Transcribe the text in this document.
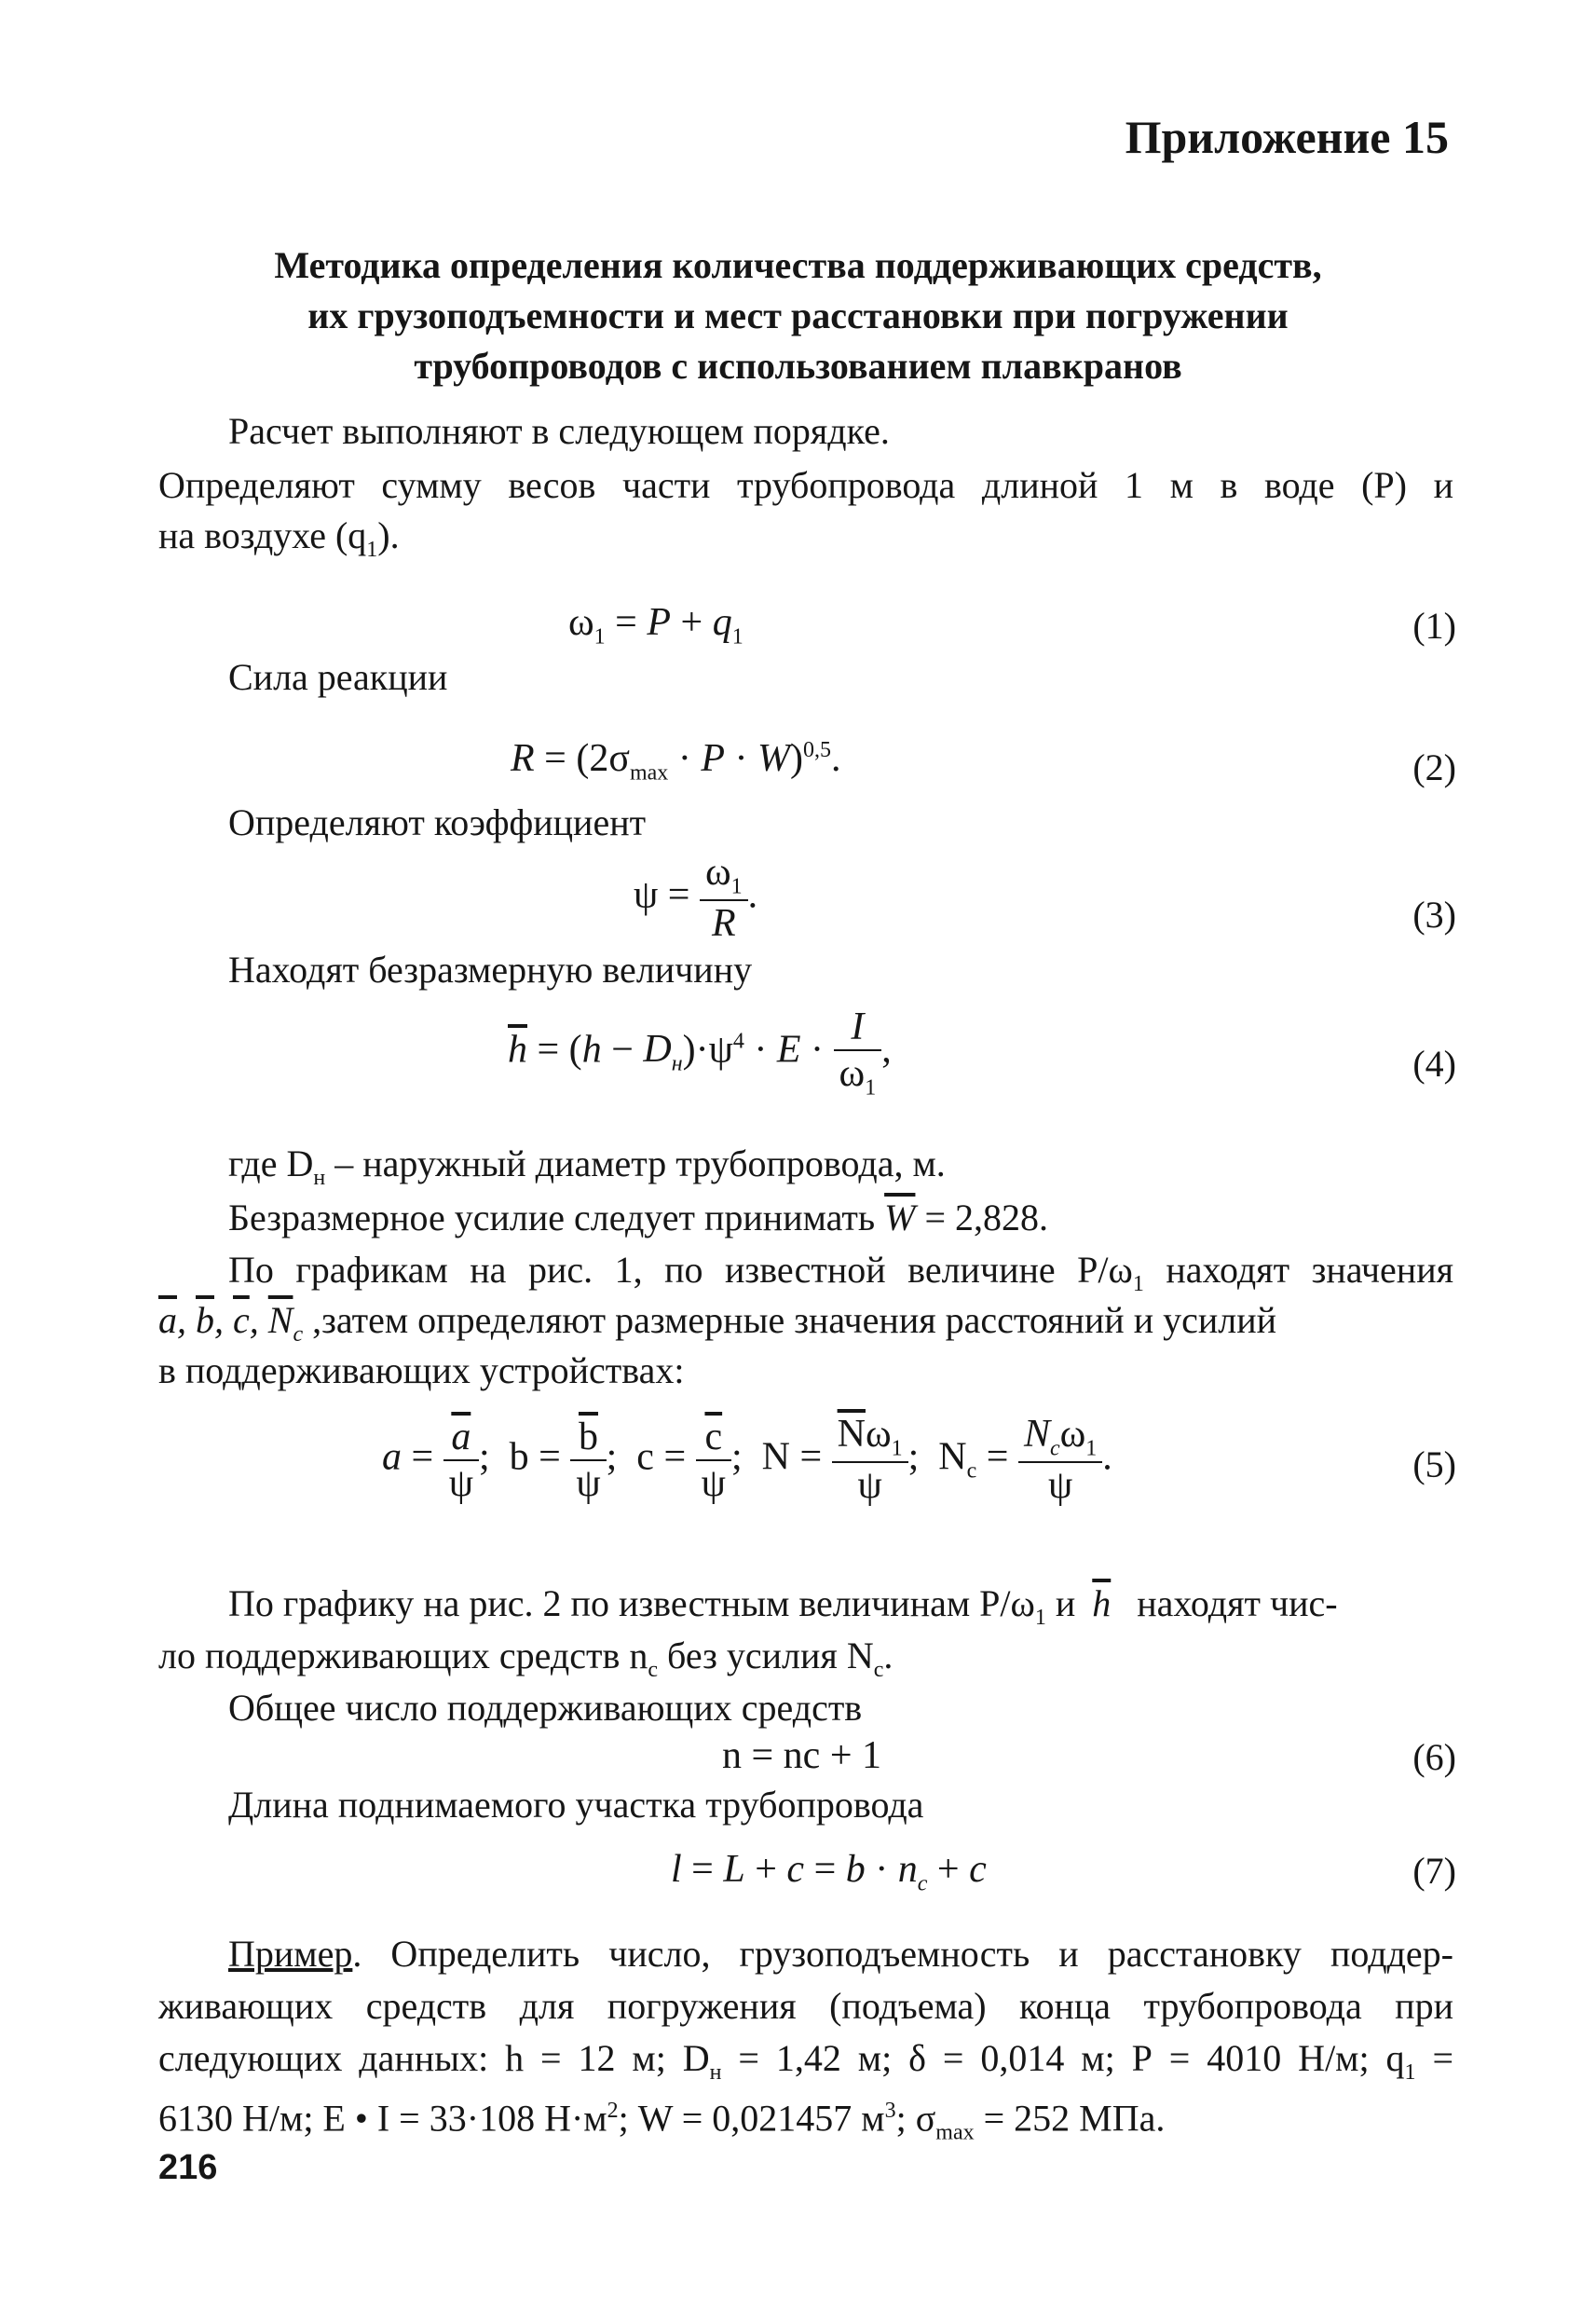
Приложение 15
Методика определения количества поддерживающих средств,
их грузоподъемности и мест расстановки при погружении
трубопроводов с использованием плавкранов
Расчет выполняют в следующем порядке.
Определяют сумму весов части трубопровода длиной 1 м в воде (Р) и
на воздухе $(q_1)$.
$\omega_1 = P + q_1$	(1)
Сила реакции
$R = (2\sigma_{max} \cdot P \cdot W)^{0,5}$.	(2)
Определяют коэффициент
$\psi = \frac{\omega_1}{R}$ .	(3)
Находят безразмерную величину
$\overline{h} = (h - D_н)\cdot\psi^4 \cdot E \cdot \frac{I}{\omega_1}$ ,	(4)
где $D_н$ – наружный диаметр трубопровода, м.
Безразмерное усилие следует принимать $\overline{W} = 2,828$.
По графикам на рис. 1, по известной величине $Р/\omega_1$ находят значения
$\overline{a}$, $\overline{b}$, $\overline{c}$, $\overline{N}_c$ ,затем определяют размерные значения расстояний и усилий
в поддерживающих устройствах:
$a = \frac{\overline{a}}{\psi}$ ;  $b = \frac{\overline{b}}{\psi}$ ;  $c = \frac{\overline{c}}{\psi}$ ;  $N = \frac{\overline{N}\omega_1}{\psi}$ ;  $N_c = \frac{N_c\omega_1}{\psi}$ .	(5)
По графику на рис. 2 по известным величинам $Р/\omega_1$ и $\overline{h}$ находят чис-
ло поддерживающих средств $n_с$ без усилия $N_с$.
Общее число поддерживающих средств
n = nc + 1	(6)
Длина поднимаемого участка трубопровода
$l = L + c = b \cdot n_c + c$	(7)
Пример. Определить число, грузоподъемность и расстановку поддер-
живающих средств для погружения (подъема) конца трубопровода при
следующих данных: h = 12 м; $D_н = 1,42$ м; δ = 0,014 м; Р = 4010 Н/м; $q_1$ =
6130 Н/м; Е • I = 33·108 $Н\cdot м^2$; W = 0,021457 $м^3$; $\sigma_{max} = 252$ МПа.
216
